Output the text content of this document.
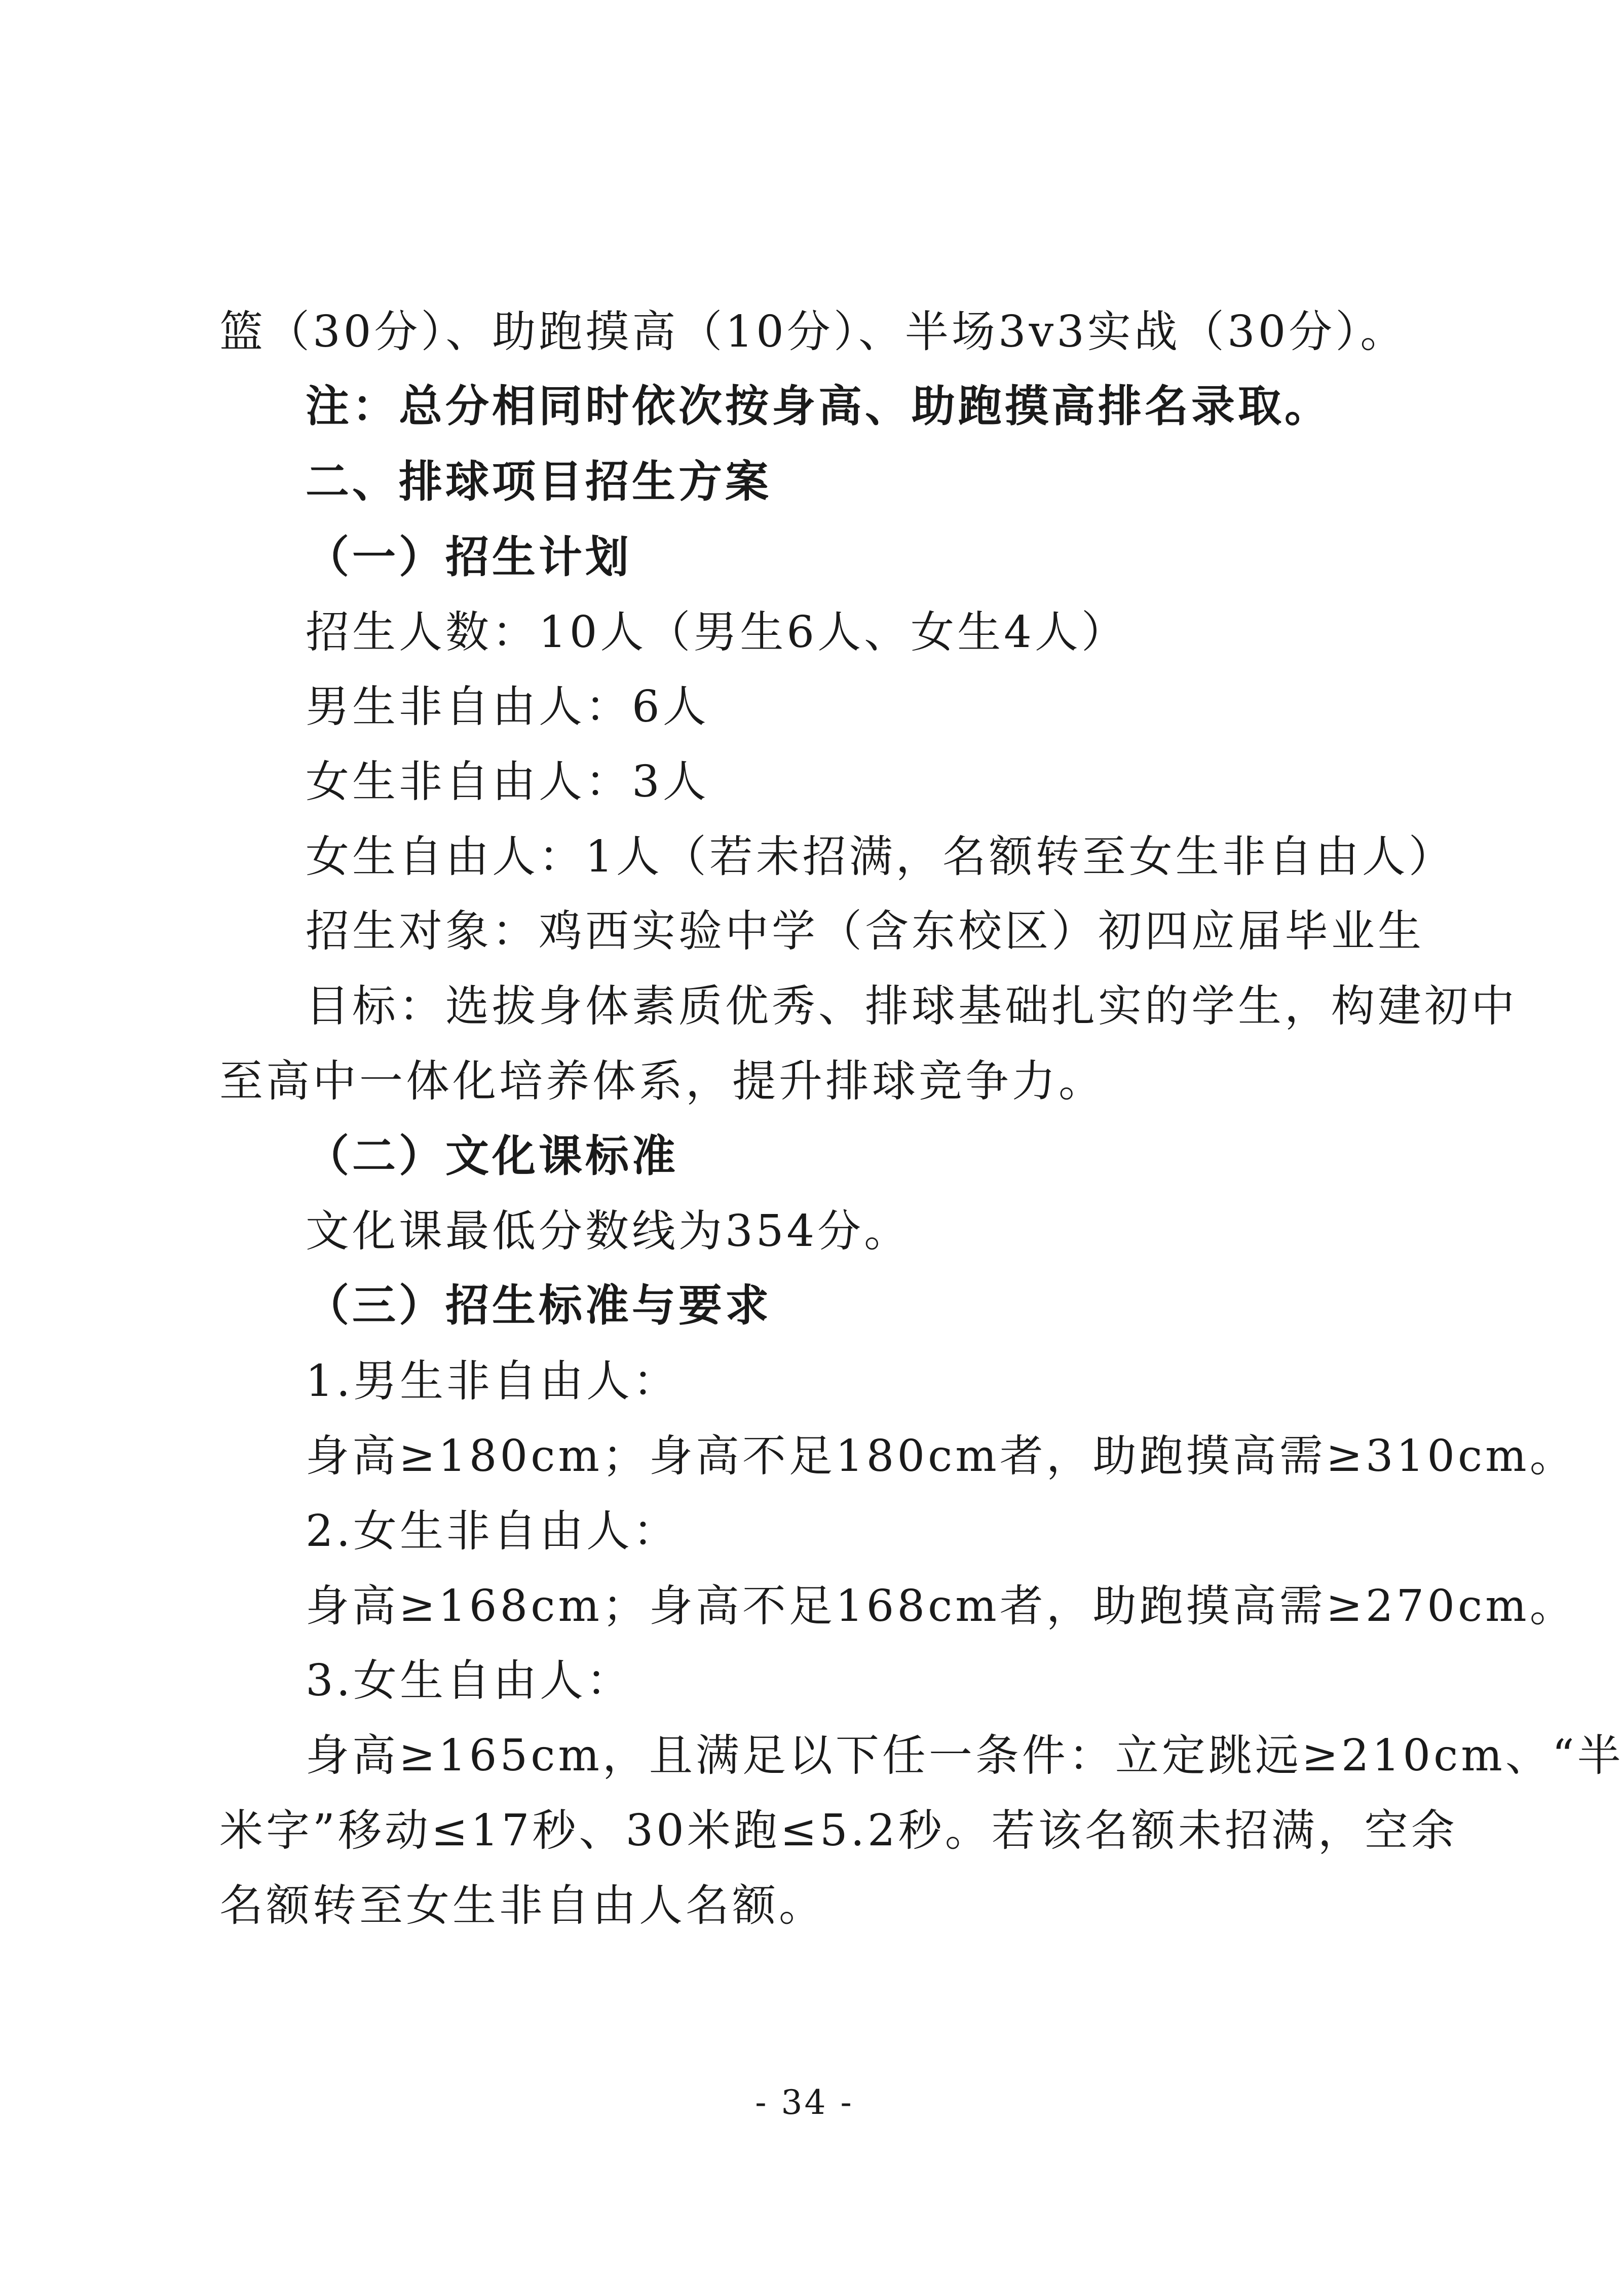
篮（30分）、助跑摸高（10分）、半场3v3实战（30分）。
注：总分相同时依次按身高、助跑摸高排名录取。
二、排球项目招生方案
（一）招生计划
招生人数：10人（男生6人、女生4人）
男生非自由人：6人
女生非自由人：3人
女生自由人：1人（若未招满，名额转至女生非自由人）
招生对象：鸡西实验中学（含东校区）初四应届毕业生
目标：选拔身体素质优秀、排球基础扎实的学生，构建初中
至高中一体化培养体系，提升排球竞争力。
（二）文化课标准
文化课最低分数线为354分。
（三）招生标准与要求
1.男生非自由人：
身高≥180cm；身高不足180cm者，助跑摸高需≥310cm。
2.女生非自由人：
身高≥168cm；身高不足168cm者，助跑摸高需≥270cm。
3.女生自由人：
身高≥165cm，且满足以下任一条件：立定跳远≥210cm、“半
米字”移动≤17秒、30米跑≤5.2秒。若该名额未招满，空余
名额转至女生非自由人名额。
- 34 -
